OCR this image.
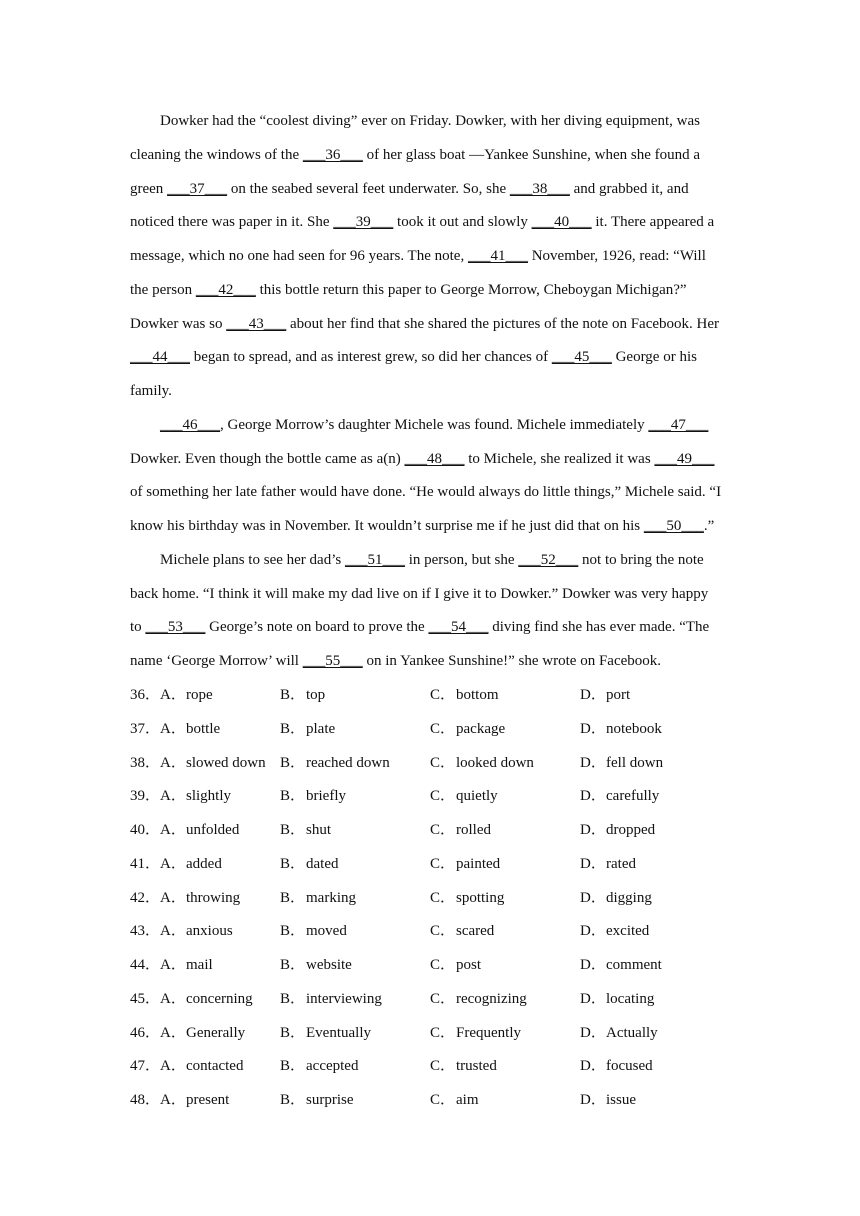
Dowker had the “coolest diving” ever on Friday. Dowker, with her diving equipment, was
cleaning the windows of the ___36___ of her glass boat —Yankee Sunshine, when she found a
green ___37___ on the seabed several feet underwater. So, she ___38___ and grabbed it, and
noticed there was paper in it. She ___39___ took it out and slowly ___40___ it. There appeared a
message, which no one had seen for 96 years. The note, ___41___ November, 1926, read: “Will
the person ___42___ this bottle return this paper to George Morrow, Cheboygan Michigan?”
Dowker was so ___43___ about her find that she shared the pictures of the note on Facebook. Her
___44___ began to spread, and as interest grew, so did her chances of ___45___ George or his
family.
___46___, George Morrow’s daughter Michele was found. Michele immediately ___47___
Dowker. Even though the bottle came as a(n) ___48___ to Michele, she realized it was ___49___
of something her late father would have done. “He would always do little things,” Michele said. “I
know his birthday was in November. It wouldn’t surprise me if he just did that on his ___50___.”
Michele plans to see her dad’s ___51___ in person, but she ___52___ not to bring the note
back home. “I think it will make my dad live on if I give it to Dowker.” Dowker was very happy
to ___53___ George’s note on board to prove the ___54___ diving find she has ever made. “The
name ‘George Morrow’ will ___55___ on in Yankee Sunshine!” she wrote on Facebook.
36． A．rope	B．top	C．bottom	D．port
37． A．bottle	B．plate	C．package	D．notebook
38． A．slowed down B．reached down	C．looked down	D．fell down
39． A．slightly	B．briefly	C．quietly	D．carefully
40． A．unfolded	B．shut	C．rolled	D．dropped
41． A．added	B．dated	C．painted	D．rated
42． A．throwing	B．marking	C．spotting	D．digging
43． A．anxious	B．moved	C．scared	D．excited
44． A．mail	B．website	C．post	D．comment
45． A．concerning B．interviewing	C．recognizing	D．locating
46． A．Generally B．Eventually	C．Frequently	D．Actually
47． A．contacted B．accepted	C．trusted	D．focused
48． A．present	B．surprise	C．aim	D．issue
